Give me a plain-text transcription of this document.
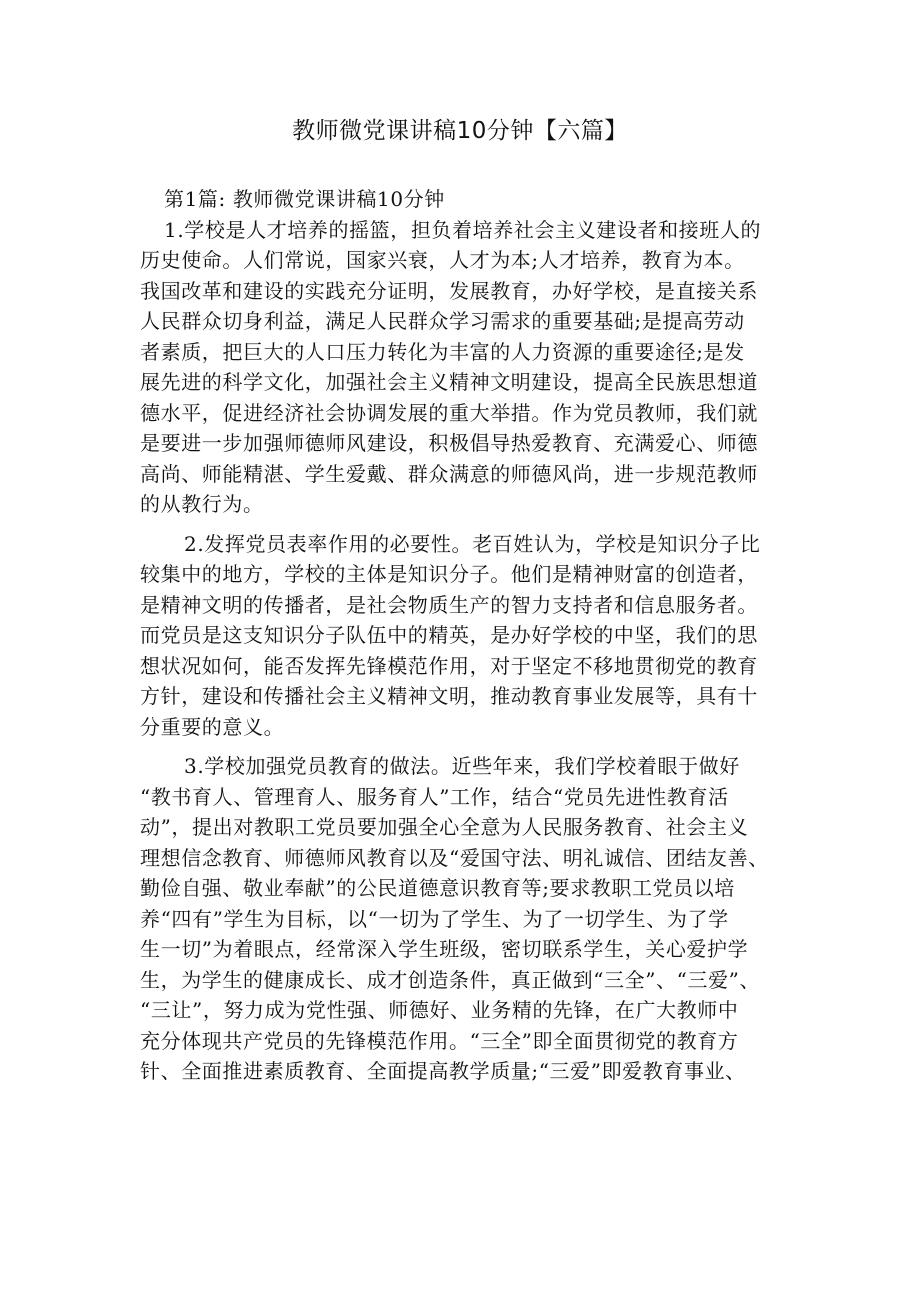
教师微党课讲稿10分钟【六篇】
第1篇: 教师微党课讲稿10分钟
1.学校是人才培养的摇篮，担负着培养社会主义建设者和接班人的
历史使命。人们常说，国家兴衰，人才为本;人才培养，教育为本。
我国改革和建设的实践充分证明，发展教育，办好学校，是直接关系
人民群众切身利益，满足人民群众学习需求的重要基础;是提高劳动
者素质，把巨大的人口压力转化为丰富的人力资源的重要途径;是发
展先进的科学文化，加强社会主义精神文明建设，提高全民族思想道
德水平，促进经济社会协调发展的重大举措。作为党员教师，我们就
是要进一步加强师德师风建设，积极倡导热爱教育、充满爱心、师德
高尚、师能精湛、学生爱戴、群众满意的师德风尚，进一步规范教师
的从教行为。
2.发挥党员表率作用的必要性。老百姓认为，学校是知识分子比
较集中的地方，学校的主体是知识分子。他们是精神财富的创造者，
是精神文明的传播者，是社会物质生产的智力支持者和信息服务者。
而党员是这支知识分子队伍中的精英，是办好学校的中坚，我们的思
想状况如何，能否发挥先锋模范作用，对于坚定不移地贯彻党的教育
方针，建设和传播社会主义精神文明，推动教育事业发展等，具有十
分重要的意义。
3.学校加强党员教育的做法。近些年来，我们学校着眼于做好
“教书育人、管理育人、服务育人”工作，结合“党员先进性教育活
动”，提出对教职工党员要加强全心全意为人民服务教育、社会主义
理想信念教育、师德师风教育以及“爱国守法、明礼诚信、团结友善、
勤俭自强、敬业奉献”的公民道德意识教育等;要求教职工党员以培
养“四有”学生为目标，以“一切为了学生、为了一切学生、为了学
生一切”为着眼点，经常深入学生班级，密切联系学生，关心爱护学
生，为学生的健康成长、成才创造条件，真正做到“三全”、“三爱”、
“三让”，努力成为党性强、师德好、业务精的先锋，在广大教师中
充分体现共产党员的先锋模范作用。“三全”即全面贯彻党的教育方
针、全面推进素质教育、全面提高教学质量;“三爱”即爱教育事业、
